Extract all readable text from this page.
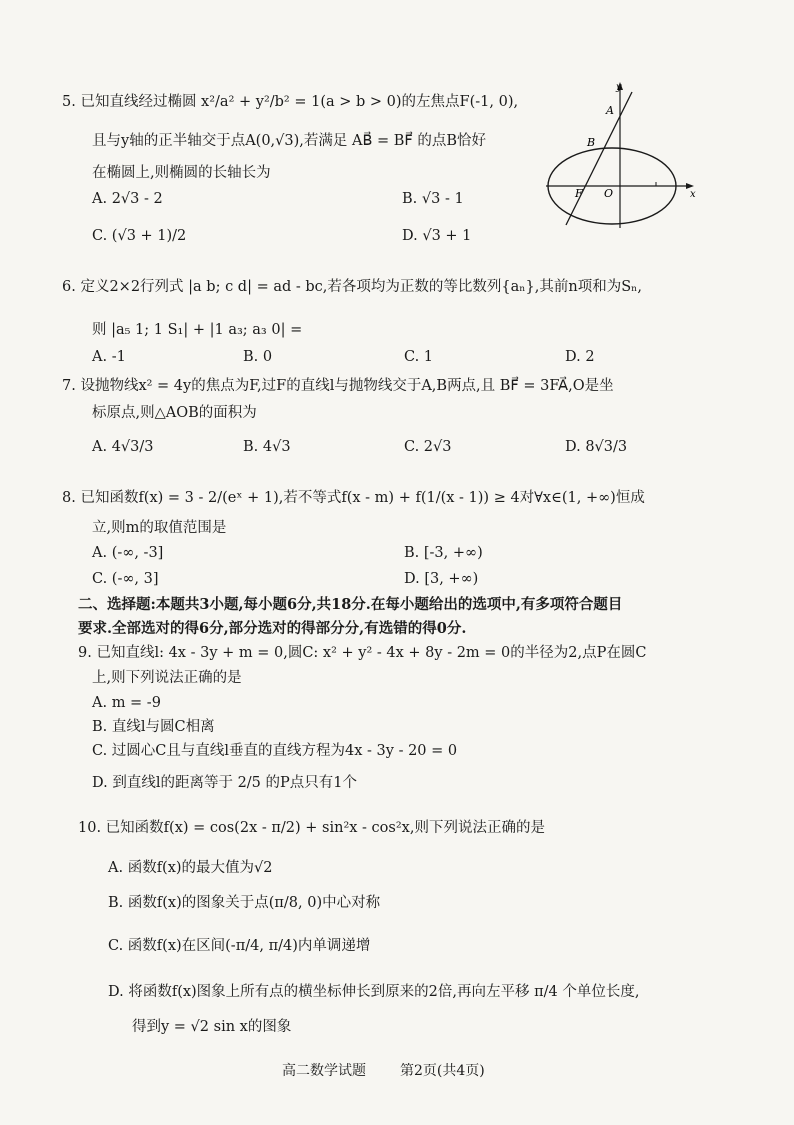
5. 已知直线经过椭圆 x²/a² + y²/b² = 1(a > b > 0)的左焦点F(-1, 0),
且与y轴的正半轴交于点A(0,√3),若满足 AB⃗ = BF⃗ 的点B恰好
在椭圆上,则椭圆的长轴长为
A. 2√3 - 2	B. √3 - 1
C. (√3 + 1)/2	D. √3 + 1
y
x
A
B
F O
6. 定义2×2行列式 |a b; c d| = ad - bc,若各项均为正数的等比数列{aₙ},其前n项和为Sₙ,
则 |a₅ 1; 1 S₁| + |1 a₃; a₃ 0| =
A. -1	B. 0	C. 1	D. 2
7. 设抛物线x² = 4y的焦点为F,过F的直线l与抛物线交于A,B两点,且 BF⃗ = 3FA⃗,O是坐
标原点,则△AOB的面积为
A. 4√3/3	B. 4√3	C. 2√3	D. 8√3/3
8. 已知函数f(x) = 3 - 2/(eˣ + 1),若不等式f(x - m) + f(1/(x - 1)) ≥ 4对∀x∈(1, +∞)恒成
立,则m的取值范围是
A. (-∞, -3]	B. [-3, +∞)
C. (-∞, 3]	D. [3, +∞)
二、选择题:本题共3小题,每小题6分,共18分.在每小题给出的选项中,有多项符合题目
要求.全部选对的得6分,部分选对的得部分分,有选错的得0分.
9. 已知直线l: 4x - 3y + m = 0,圆C: x² + y² - 4x + 8y - 2m = 0的半径为2,点P在圆C
上,则下列说法正确的是
A. m = -9
B. 直线l与圆C相离
C. 过圆心C且与直线l垂直的直线方程为4x - 3y - 20 = 0
D. 到直线l的距离等于 2/5 的P点只有1个
10. 已知函数f(x) = cos(2x - π/2) + sin²x - cos²x,则下列说法正确的是
A. 函数f(x)的最大值为√2
B. 函数f(x)的图象关于点(π/8, 0)中心对称
C. 函数f(x)在区间(-π/4, π/4)内单调递增
D. 将函数f(x)图象上所有点的横坐标伸长到原来的2倍,再向左平移 π/4 个单位长度,
得到y = √2 sin x的图象
高二数学试题 第2页(共4页)
